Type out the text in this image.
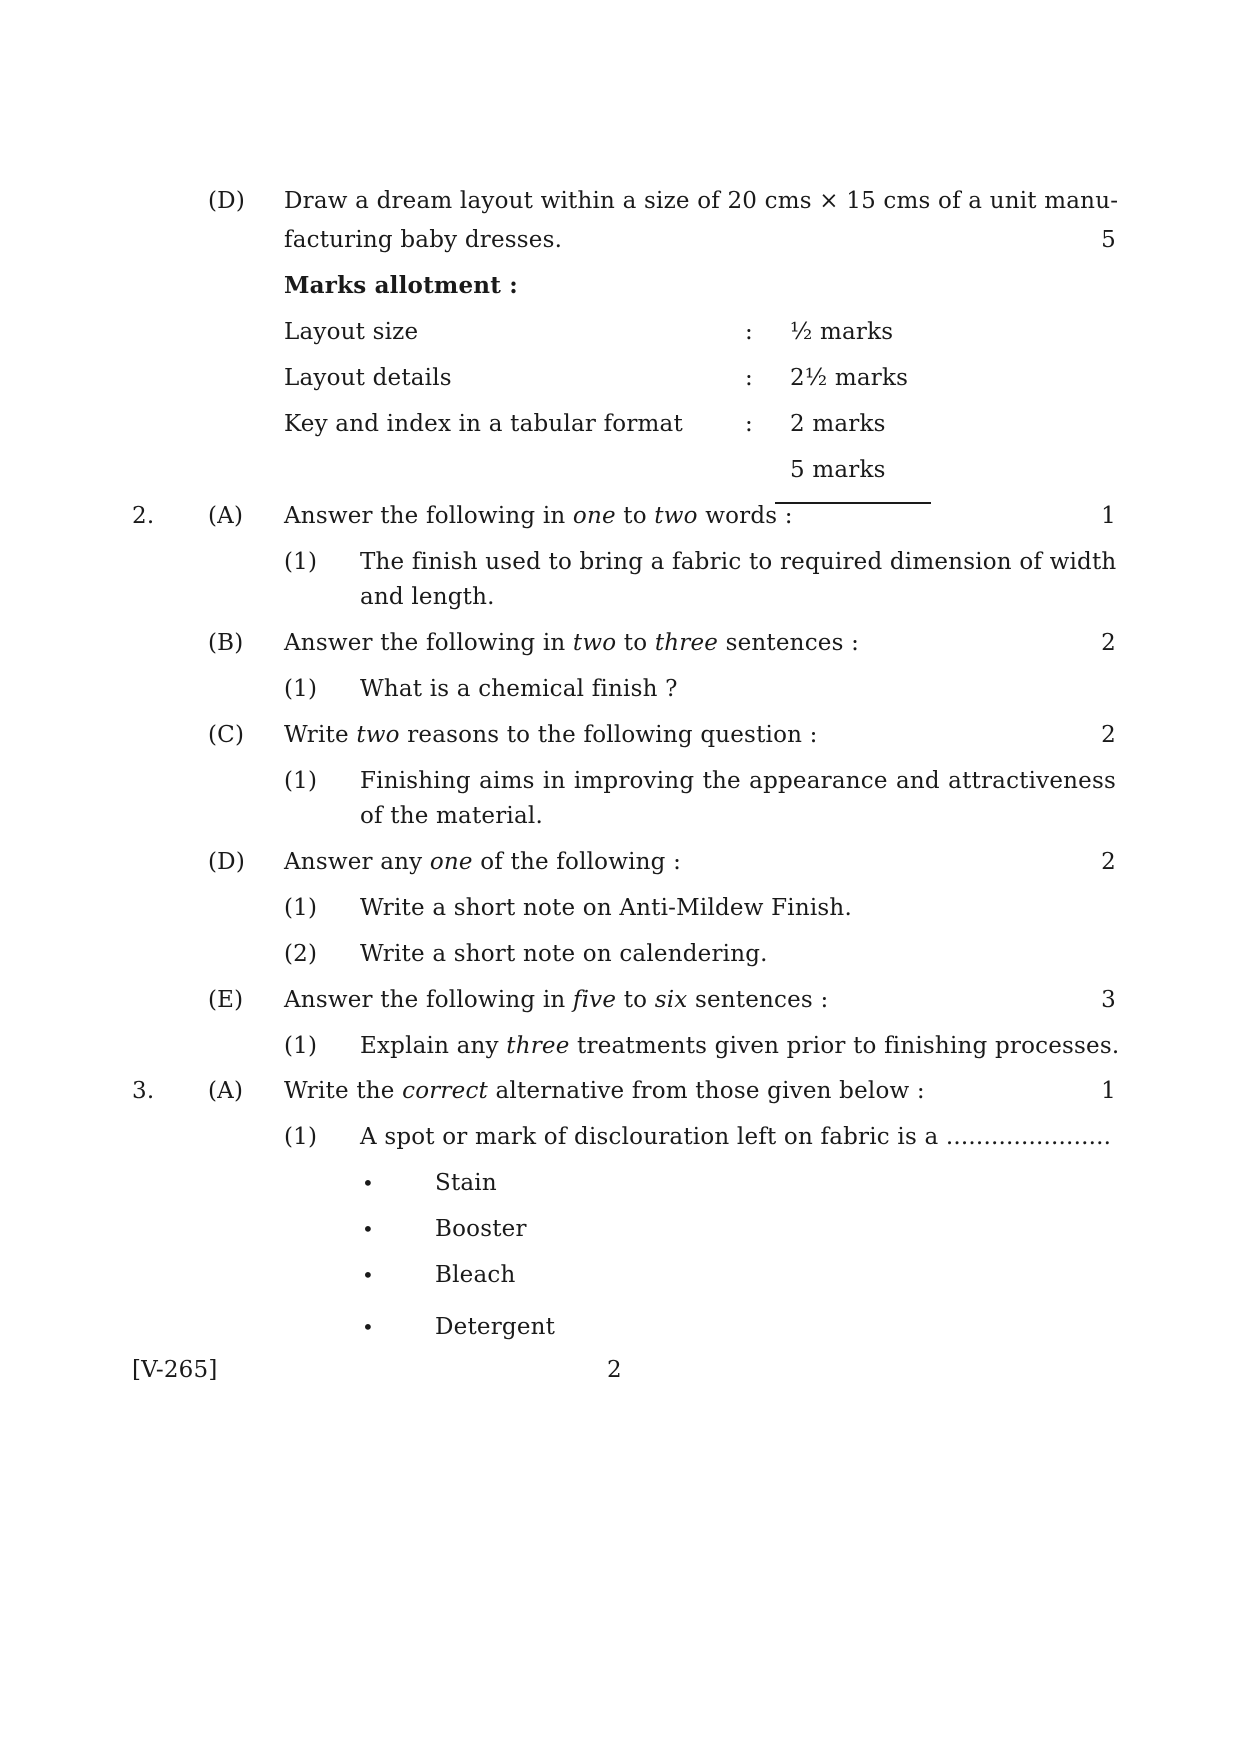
(D) Draw a dream layout within a size of 20 cms × 15 cms of a unit manu-
facturing baby dresses.	5
Marks allotment :
Layout size	: ½ marks
Layout details	: 2½ marks
Key and index in a tabular format	: 2 marks
5 marks
2. (A) Answer the following in one to two words :	1
(1) The finish used to bring a fabric to required dimension of width
and length.
(B) Answer the following in two to three sentences :	2
(1) What is a chemical finish ?
(C) Write two reasons to the following question :	2
(1) Finishing aims in improving the appearance and attractiveness
of the material.
(D) Answer any one of the following :	2
(1) Write a short note on Anti-Mildew Finish.
(2) Write a short note on calendering.
(E) Answer the following in five to six sentences :	3
(1) Explain any three treatments given prior to finishing processes.
3. (A) Write the correct alternative from those given below :	1
(1) A spot or mark of disclouration left on fabric is a ......................
•	Stain
•	Booster
•	Bleach
•	Detergent
[V-265]	2
